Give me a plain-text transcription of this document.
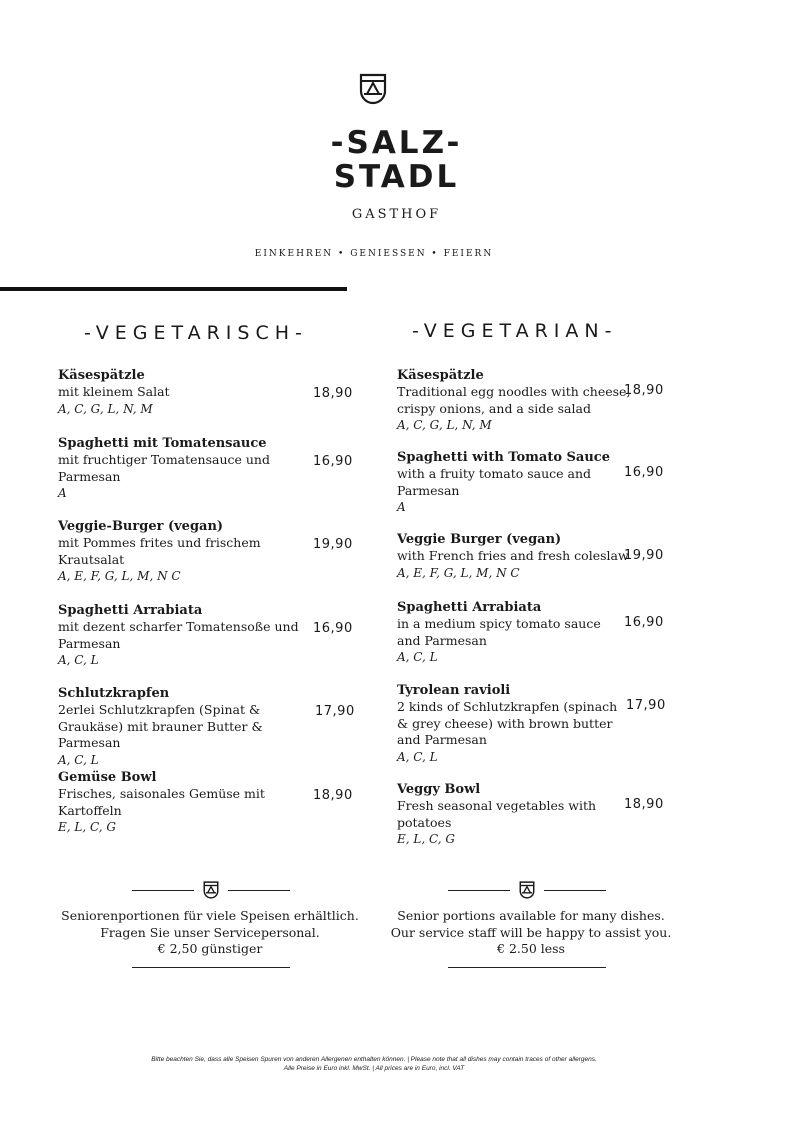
-SALZ-
STADL
GASTHOF
EINKEHREN • GENIESSEN • FEIERN
-VEGETARISCH-	-VEGETARIAN-
Käsespätzle
mit kleinem Salat
A, C, G, L, N, M
18,90
Spaghetti mit Tomatensauce
mit fruchtiger Tomatensauce und Parmesan
A
16,90
Veggie-Burger (vegan)
mit Pommes frites und frischem Krautsalat
A, E, F, G, L, M, N C
19,90
Spaghetti Arrabiata
mit dezent scharfer Tomatensoße und Parmesan
A, C, L
16,90
Schlutzkrapfen
2erlei Schlutzkrapfen (Spinat & Graukäse) mit brauner Butter & Parmesan
A, C, L
17,90
Gemüse Bowl
Frisches, saisonales Gemüse mit Kartoffeln
E, L, C, G
18,90
Käsespätzle
Traditional egg noodles with cheese, crispy onions, and a side salad
A, C, G, L, N, M
18,90
Spaghetti with Tomato Sauce
with a fruity tomato sauce and Parmesan
A
16,90
Veggie Burger (vegan)
with French fries and fresh coleslaw
A, E, F, G, L, M, N C
19,90
Spaghetti Arrabiata
in a medium spicy tomato sauce and Parmesan
A, C, L
16,90
Tyrolean ravioli
2 kinds of Schlutzkrapfen (spinach & grey cheese) with brown butter and Parmesan
A, C, L
17,90
Veggy Bowl
Fresh seasonal vegetables with potatoes
E, L, C, G
18,90
Seniorenportionen für viele Speisen erhältlich.
Fragen Sie unser Servicepersonal.
€ 2,50 günstiger
Senior portions available for many dishes.
Our service staff will be happy to assist you.
€ 2.50 less
Bitte beachten Sie, dass alle Speisen Spuren von anderen Allergenen enthalten können. | Please note that all dishes may contain traces of other allergens.
Alle Preise in Euro inkl. MwSt. | All prices are in Euro, incl. VAT
